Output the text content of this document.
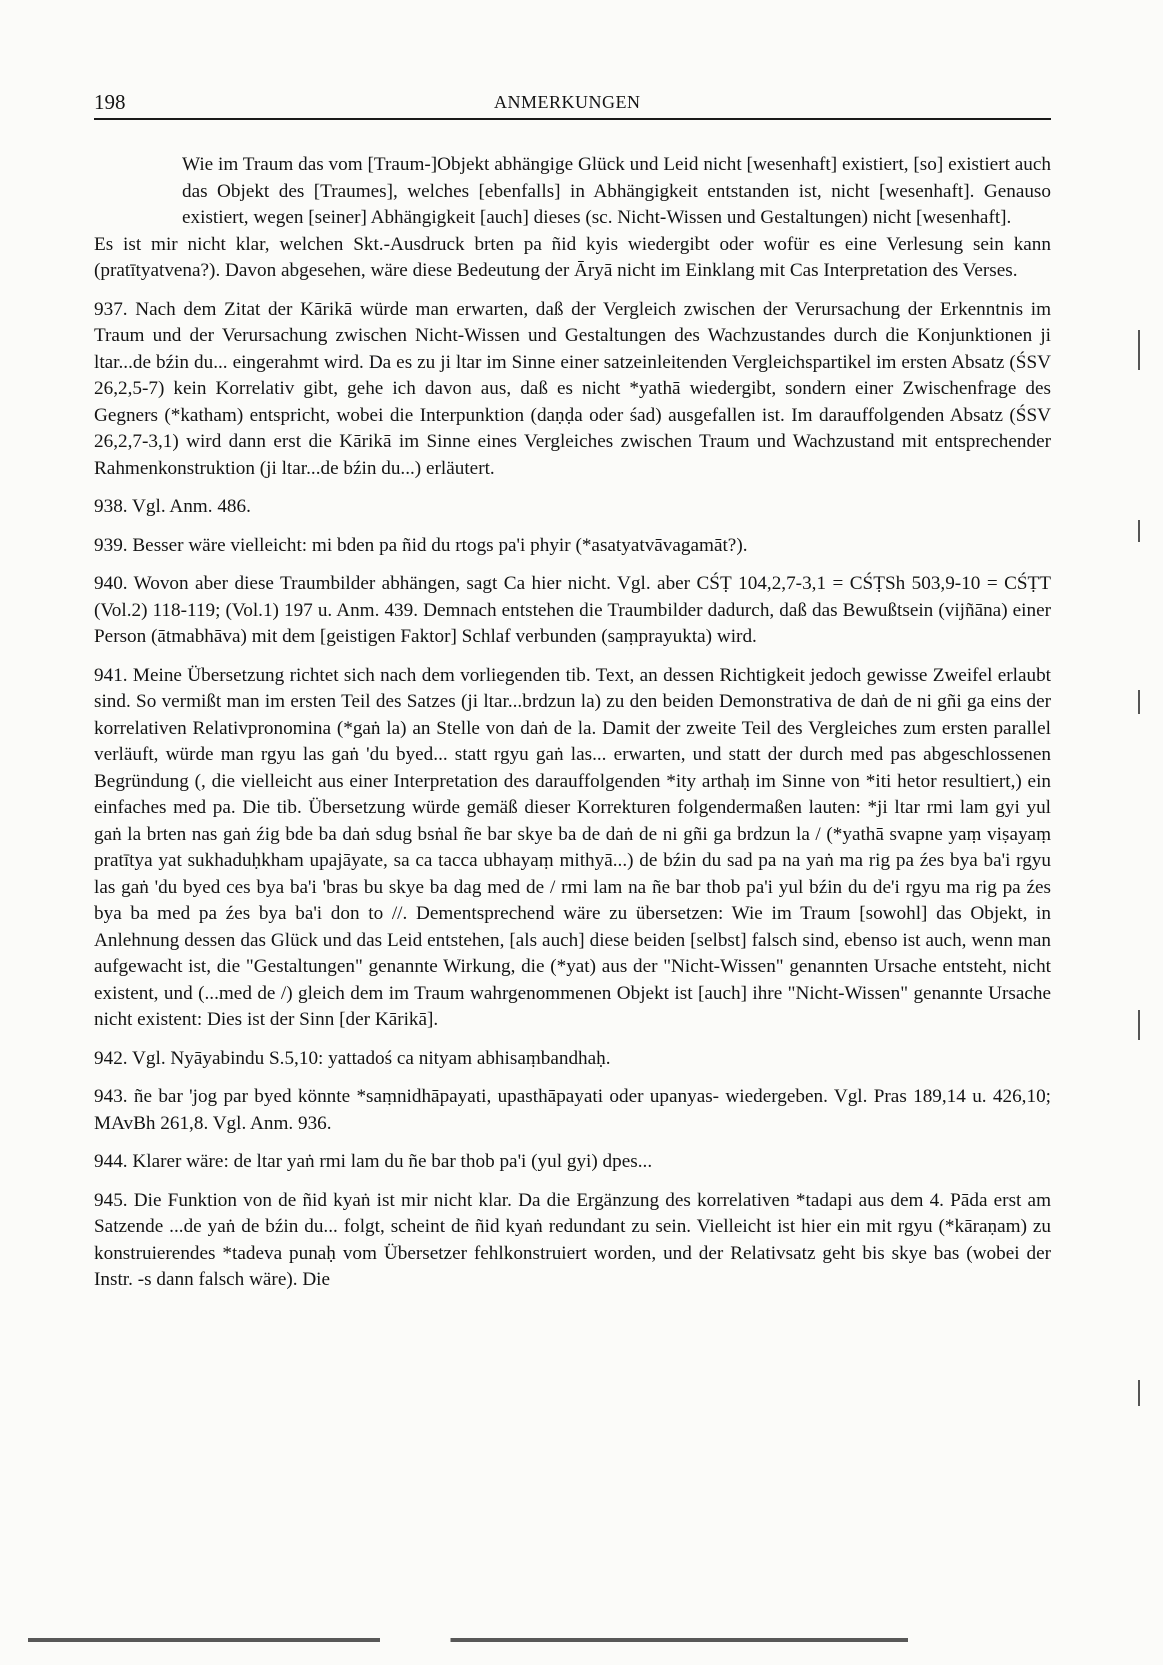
198	ANMERKUNGEN

Wie im Traum das vom [Traum-]Objekt abhängige Glück und Leid nicht [wesenhaft] existiert, [so] existiert auch das Objekt des [Traumes], welches [ebenfalls] in Abhängigkeit entstanden ist, nicht [wesenhaft]. Genauso existiert, wegen [seiner] Abhängigkeit [auch] dieses (sc. Nicht-Wissen und Gestaltungen) nicht [wesenhaft].

Es ist mir nicht klar, welchen Skt.-Ausdruck brten pa ñid kyis wiedergibt oder wofür es eine Verlesung sein kann (pratītyatvena?). Davon abgesehen, wäre diese Bedeutung der Āryā nicht im Einklang mit Cas Interpretation des Verses.

937. Nach dem Zitat der Kārikā würde man erwarten, daß der Vergleich zwischen der Verursachung der Erkenntnis im Traum und der Verursachung zwischen Nicht-Wissen und Gestaltungen des Wachzustandes durch die Konjunktionen ji ltar...de bźin du... eingerahmt wird. Da es zu ji ltar im Sinne einer satzeinleitenden Vergleichspartikel im ersten Absatz (ŚSV 26,2,5-7) kein Korrelativ gibt, gehe ich davon aus, daß es nicht *yathā wiedergibt, sondern einer Zwischenfrage des Gegners (*katham) entspricht, wobei die Interpunktion (daṇḍa oder śad) ausgefallen ist. Im darauffolgenden Absatz (ŚSV 26,2,7-3,1) wird dann erst die Kārikā im Sinne eines Vergleiches zwischen Traum und Wachzustand mit entsprechender Rahmenkonstruktion (ji ltar...de bźin du...) erläutert.

938. Vgl. Anm. 486.

939. Besser wäre vielleicht: mi bden pa ñid du rtogs pa'i phyir (*asatyatvāvagamāt?).

940. Wovon aber diese Traumbilder abhängen, sagt Ca hier nicht. Vgl. aber CŚṬ 104,2,7-3,1 = CŚṬSh 503,9-10 = CŚṬT (Vol.2) 118-119; (Vol.1) 197 u. Anm. 439. Demnach entstehen die Traumbilder dadurch, daß das Bewußtsein (vijñāna) einer Person (ātmabhāva) mit dem [geistigen Faktor] Schlaf verbunden (saṃprayukta) wird.

941. Meine Übersetzung richtet sich nach dem vorliegenden tib. Text, an dessen Richtigkeit jedoch gewisse Zweifel erlaubt sind. So vermißt man im ersten Teil des Satzes (ji ltar...brdzun la) zu den beiden Demonstrativa de daṅ de ni gñi ga eins der korrelativen Relativpronomina (*gaṅ la) an Stelle von daṅ de la. Damit der zweite Teil des Vergleiches zum ersten parallel verläuft, würde man rgyu las gaṅ 'du byed... statt rgyu gaṅ las... erwarten, und statt der durch med pas abgeschlossenen Begründung (, die vielleicht aus einer Interpretation des darauffolgenden *ity arthaḥ im Sinne von *iti hetor resultiert,) ein einfaches med pa. Die tib. Übersetzung würde gemäß dieser Korrekturen folgendermaßen lauten: *ji ltar rmi lam gyi yul gaṅ la brten nas gaṅ źig bde ba daṅ sdug bsṅal ñe bar skye ba de daṅ de ni gñi ga brdzun la / (*yathā svapne yaṃ viṣayaṃ pratītya yat sukhaduḥkham upajāyate, sa ca tacca ubhayaṃ mithyā...) de bźin du sad pa na yaṅ ma rig pa źes bya ba'i rgyu las gaṅ 'du byed ces bya ba'i 'bras bu skye ba dag med de / rmi lam na ñe bar thob pa'i yul bźin du de'i rgyu ma rig pa źes bya ba med pa źes bya ba'i don to //. Dementsprechend wäre zu übersetzen: Wie im Traum [sowohl] das Objekt, in Anlehnung dessen das Glück und das Leid entstehen, [als auch] diese beiden [selbst] falsch sind, ebenso ist auch, wenn man aufgewacht ist, die "Gestaltungen" genannte Wirkung, die (*yat) aus der "Nicht-Wissen" genannten Ursache entsteht, nicht existent, und (...med de /) gleich dem im Traum wahrgenommenen Objekt ist [auch] ihre "Nicht-Wissen" genannte Ursache nicht existent: Dies ist der Sinn [der Kārikā].

942. Vgl. Nyāyabindu S.5,10: yattadoś ca nityam abhisaṃbandhaḥ.

943. ñe bar 'jog par byed könnte *saṃnidhāpayati, upasthāpayati oder upanyas- wiedergeben. Vgl. Pras 189,14 u. 426,10; MAvBh 261,8. Vgl. Anm. 936.

944. Klarer wäre: de ltar yaṅ rmi lam du ñe bar thob pa'i (yul gyi) dpes...

945. Die Funktion von de ñid kyaṅ ist mir nicht klar. Da die Ergänzung des korrelativen *tadapi aus dem 4. Pāda erst am Satzende ...de yaṅ de bźin du... folgt, scheint de ñid kyaṅ redundant zu sein. Vielleicht ist hier ein mit rgyu (*kāraṇam) zu konstruierendes *tadeva punaḥ vom Übersetzer fehlkonstruiert worden, und der Relativsatz geht bis skye bas (wobei der Instr. -s dann falsch wäre). Die
